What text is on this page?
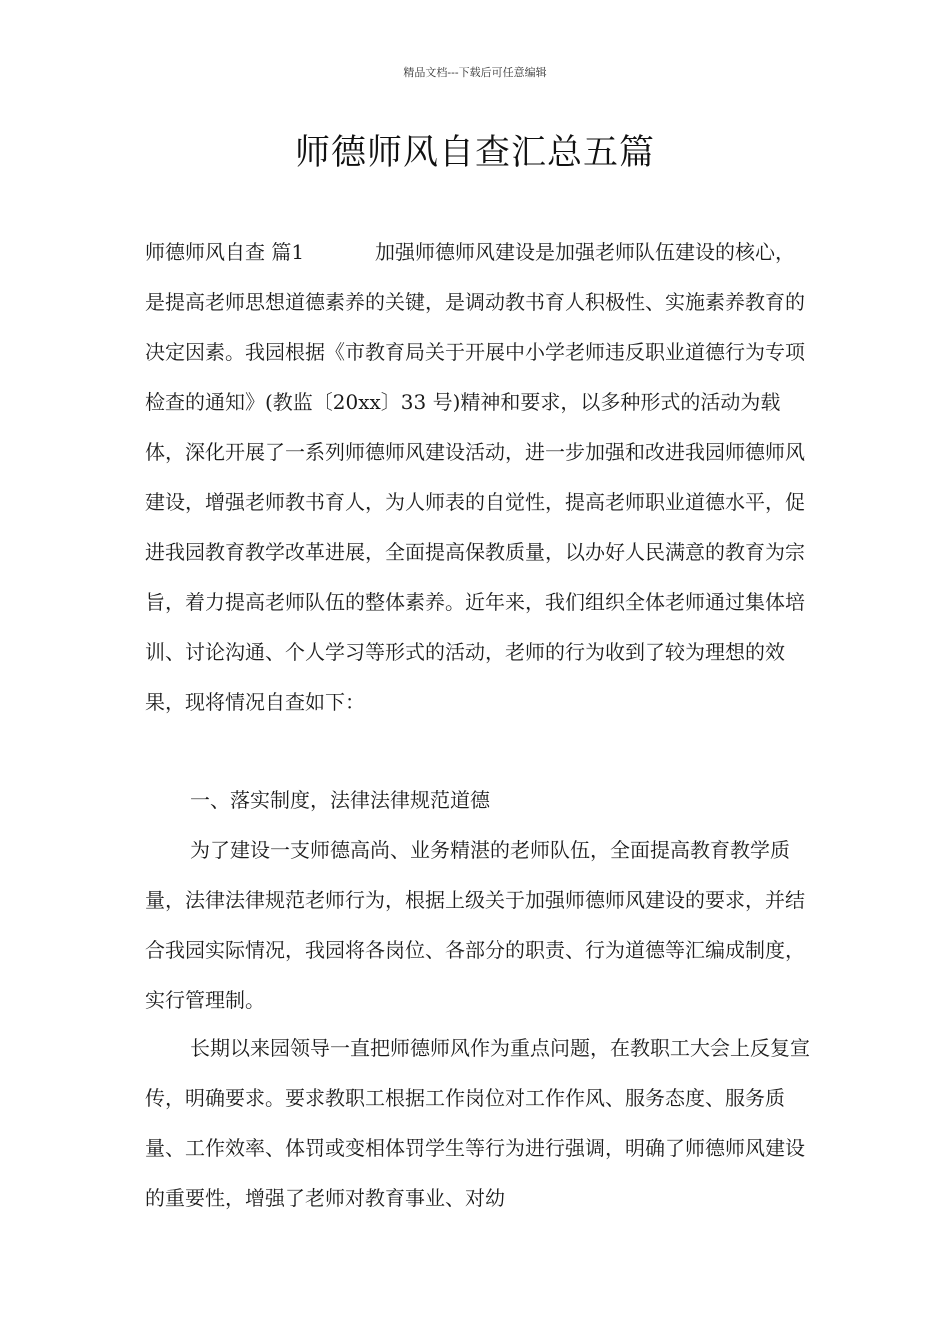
精品文档---下载后可任意编辑
师德师风自查汇总五篇
师德师风自查 篇1	加强师德师风建设是加强老师队伍建设的核心，是提高老师思想道德素养的关键，是调动教书育人积极性、实施素养教育的决定因素。我园根据《市教育局关于开展中小学老师违反职业道德行为专项检查的通知》(教监〔20xx〕33 号)精神和要求，以多种形式的活动为载体，深化开展了一系列师德师风建设活动，进一步加强和改进我园师德师风建设，增强老师教书育人，为人师表的自觉性，提高老师职业道德水平，促进我园教育教学改革进展，全面提高保教质量，以办好人民满意的教育为宗旨，着力提高老师队伍的整体素养。近年来，我们组织全体老师通过集体培训、讨论沟通、个人学习等形式的活动，老师的行为收到了较为理想的效果，现将情况自查如下：
一、落实制度，法律法律规范道德
为了建设一支师德高尚、业务精湛的老师队伍，全面提高教育教学质量，法律法律规范老师行为，根据上级关于加强师德师风建设的要求，并结合我园实际情况，我园将各岗位、各部分的职责、行为道德等汇编成制度，实行管理制。
长期以来园领导一直把师德师风作为重点问题，在教职工大会上反复宣传，明确要求。要求教职工根据工作岗位对工作作风、服务态度、服务质量、工作效率、体罚或变相体罚学生等行为进行强调，明确了师德师风建设的重要性，增强了老师对教育事业、对幼
